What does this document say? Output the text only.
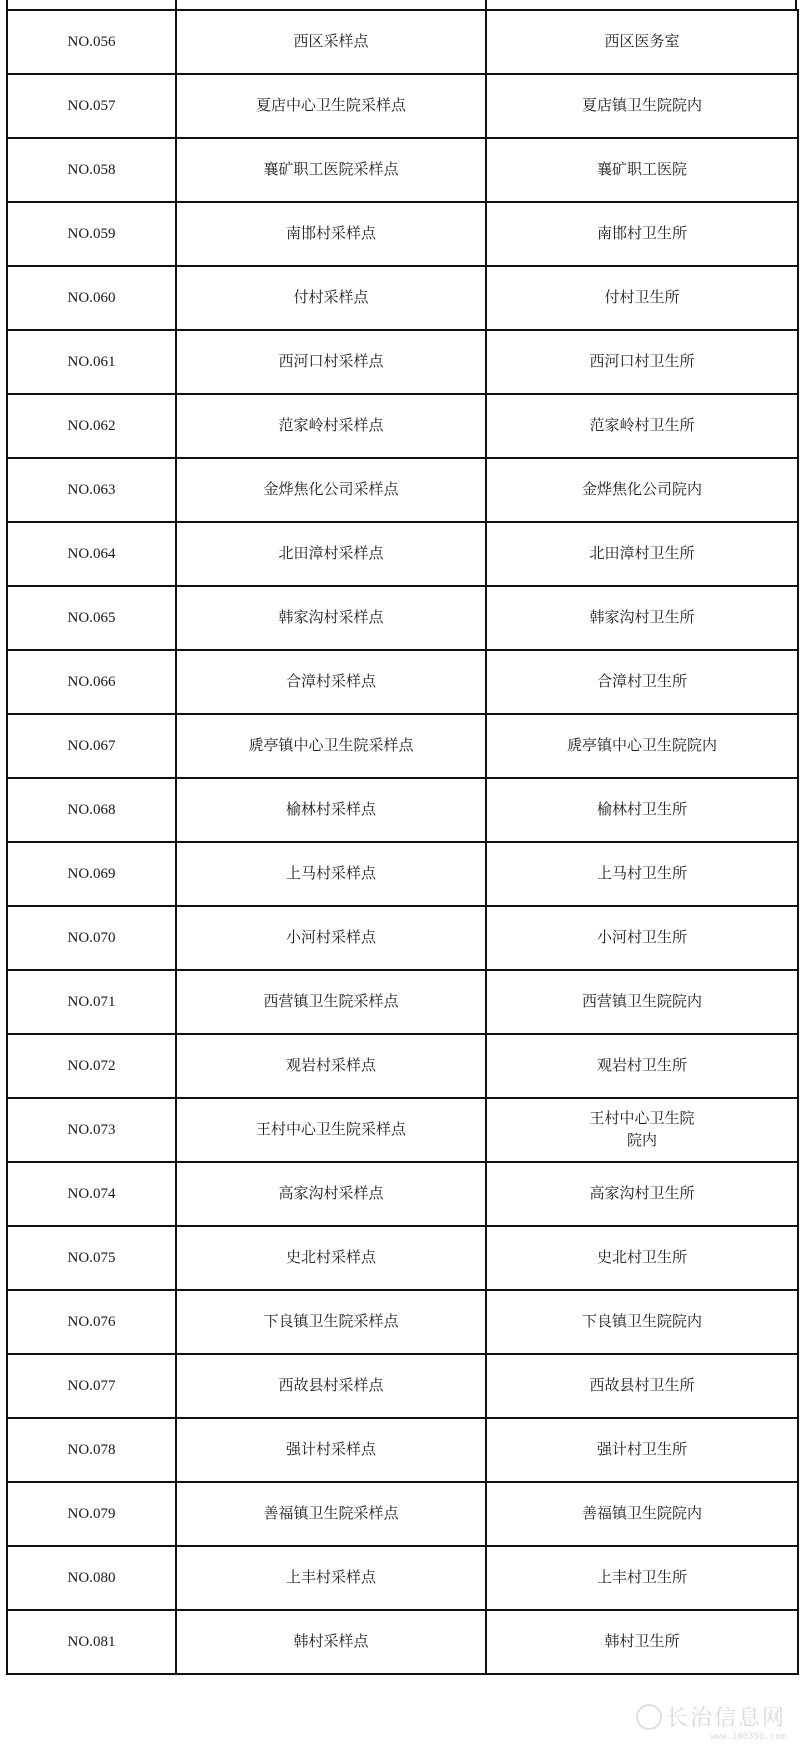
NO.056	西区采样点	西区医务室
NO.057	夏店中心卫生院采样点	夏店镇卫生院院内
NO.058	襄矿职工医院采样点	襄矿职工医院
NO.059	南邯村采样点	南邯村卫生所
NO.060	付村采样点	付村卫生所
NO.061	西河口村采样点	西河口村卫生所
NO.062	范家岭村采样点	范家岭村卫生所
NO.063	金烨焦化公司采样点	金烨焦化公司院内
NO.064	北田漳村采样点	北田漳村卫生所
NO.065	韩家沟村采样点	韩家沟村卫生所
NO.066	合漳村采样点	合漳村卫生所
NO.067	虒亭镇中心卫生院采样点	虒亭镇中心卫生院院内
NO.068	榆林村采样点	榆林村卫生所
NO.069	上马村采样点	上马村卫生所
NO.070	小河村采样点	小河村卫生所
NO.071	西营镇卫生院采样点	西营镇卫生院院内
NO.072	观岩村采样点	观岩村卫生所
NO.073	王村中心卫生院采样点	王村中心卫生院
院内
NO.074	高家沟村采样点	高家沟村卫生所
NO.075	史北村采样点	史北村卫生所
NO.076	下良镇卫生院采样点	下良镇卫生院院内
NO.077	西故县村采样点	西故县村卫生所
NO.078	强计村采样点	强计村卫生所
NO.079	善福镇卫生院采样点	善福镇卫生院院内
NO.080	上丰村采样点	上丰村卫生所
NO.081	韩村采样点	韩村卫生所
长治信息网
www.180350.com
